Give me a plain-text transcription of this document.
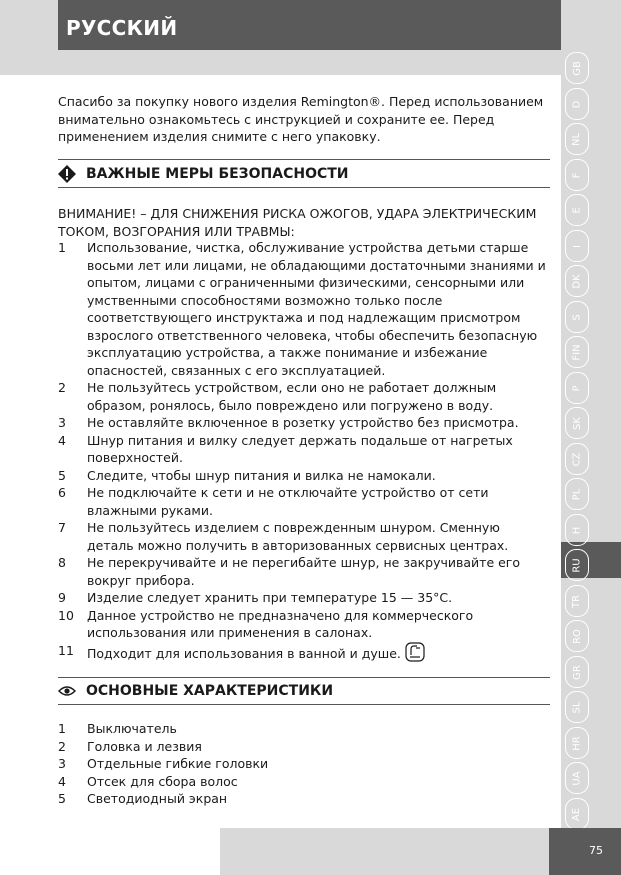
РУССКИЙ
GB
D
NL
F
E
I
DK
S
FIN
P
SK
CZ
PL
H
RU
TR
RO
GR
SL
HR
UA
AE
Спасибо за покупку нового изделия Remington®. Перед использованием внимательно ознакомьтесь с инструкцией и сохраните ее. Перед применением изделия снимите с него упаковку.
ВАЖНЫЕ МЕРЫ БЕЗОПАСНОСТИ
ВНИМАНИЕ! – ДЛЯ СНИЖЕНИЯ РИСКА ОЖОГОВ, УДАРА ЭЛЕКТРИЧЕСКИМ ТОКОМ, ВОЗГОРАНИЯ ИЛИ ТРАВМЫ:
1	Использование, чистка, обслуживание устройства детьми старше восьми лет или лицами, не обладающими достаточными знаниями и опытом, лицами с ограниченными физическими, сенсорными или умственными способностями возможно только после соответствующего инструктажа и под надлежащим присмотром взрослого ответственного человека, чтобы обеспечить безопасную эксплуатацию устройства, а также понимание и избежание опасностей, связанных с его эксплуатацией.
2	Не пользуйтесь устройством, если оно не работает должным образом, ронялось, было повреждено или погружено в воду.
3	Не оставляйте включенное в розетку устройство без присмотра.
4	Шнур питания и вилку следует держать подальше от нагретых поверхностей.
5	Следите, чтобы шнур питания и вилка не намокали.
6	Не подключайте к сети и не отключайте устройство от сети влажными руками.
7	Не пользуйтесь изделием с поврежденным шнуром. Сменную деталь можно получить в авторизованных сервисных центрах.
8	Не перекручивайте и не перегибайте шнур, не закручивайте его вокруг прибора.
9	Изделие следует хранить при температуре 15 — 35°C.
10	Данное устройство не предназначено для коммерческого использования или применения в салонах.
11	Подходит для использования в ванной и душе.
ОСНОВНЫЕ ХАРАКТЕРИСТИКИ
1	Выключатель
2	Головка и лезвия
3	Отдельные гибкие головки
4	Отсек для сбора волос
5	Светодиодный экран
75
